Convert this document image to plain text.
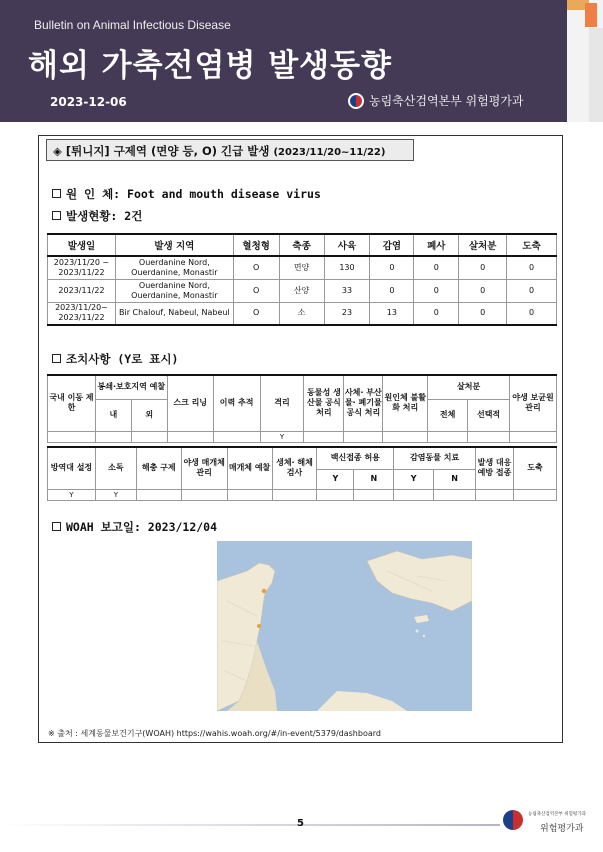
Bulletin on Animal Infectious Disease
해외 가축전염병 발생동향
2023-12-06	농림축산검역본부 위험평가과
◈ [튀니지] 구제역 (면양 등, O) 긴급 발생 (2023/11/20~11/22)
원 인 체: Foot and mouth disease virus
발생현황: 2건
발생일	발생 지역	혈청형	축종	사육	감염	폐사	살처분	도축
2023/11/20 ~ 2023/11/22	Ouerdanine Nord, Ouerdanine, Monastir	O	면양	130	0	0	0	0
2023/11/22	Ouerdanine Nord, Ouerdanine, Monastir	O	산양	33	0	0	0	0
2023/11/20~ 2023/11/22	Bir Chalouf, Nabeul, Nabeul	O	소	23	13	0	0	0
조치사항 (Y로 표시)
국내 이동 제한	봉쇄·보호지역 예찰		스크 리닝	이력 추적	격리	동물성 생산물 공식 처리	사체· 부산물· 폐기물 공식 처리	원인체 불활화 처리	살처분		야생 보균원 관리
	내	외							전체	선택적	
					Y						
방역대 설정	소독	해충 구제	야생 매개체 관리	매개체 예찰	생체· 해체 검사	백신접종 허용		감염동물 치료		발생 대응 예방 접종	도축
						Y	N	Y	N		
Y	Y										
WOAH 보고일: 2023/12/04
※ 출처 : 세계동물보건기구(WOAH) https://wahis.woah.org/#/in-event/5379/dashboard
5
농림축산검역본부 위험평가과
위험평가과
